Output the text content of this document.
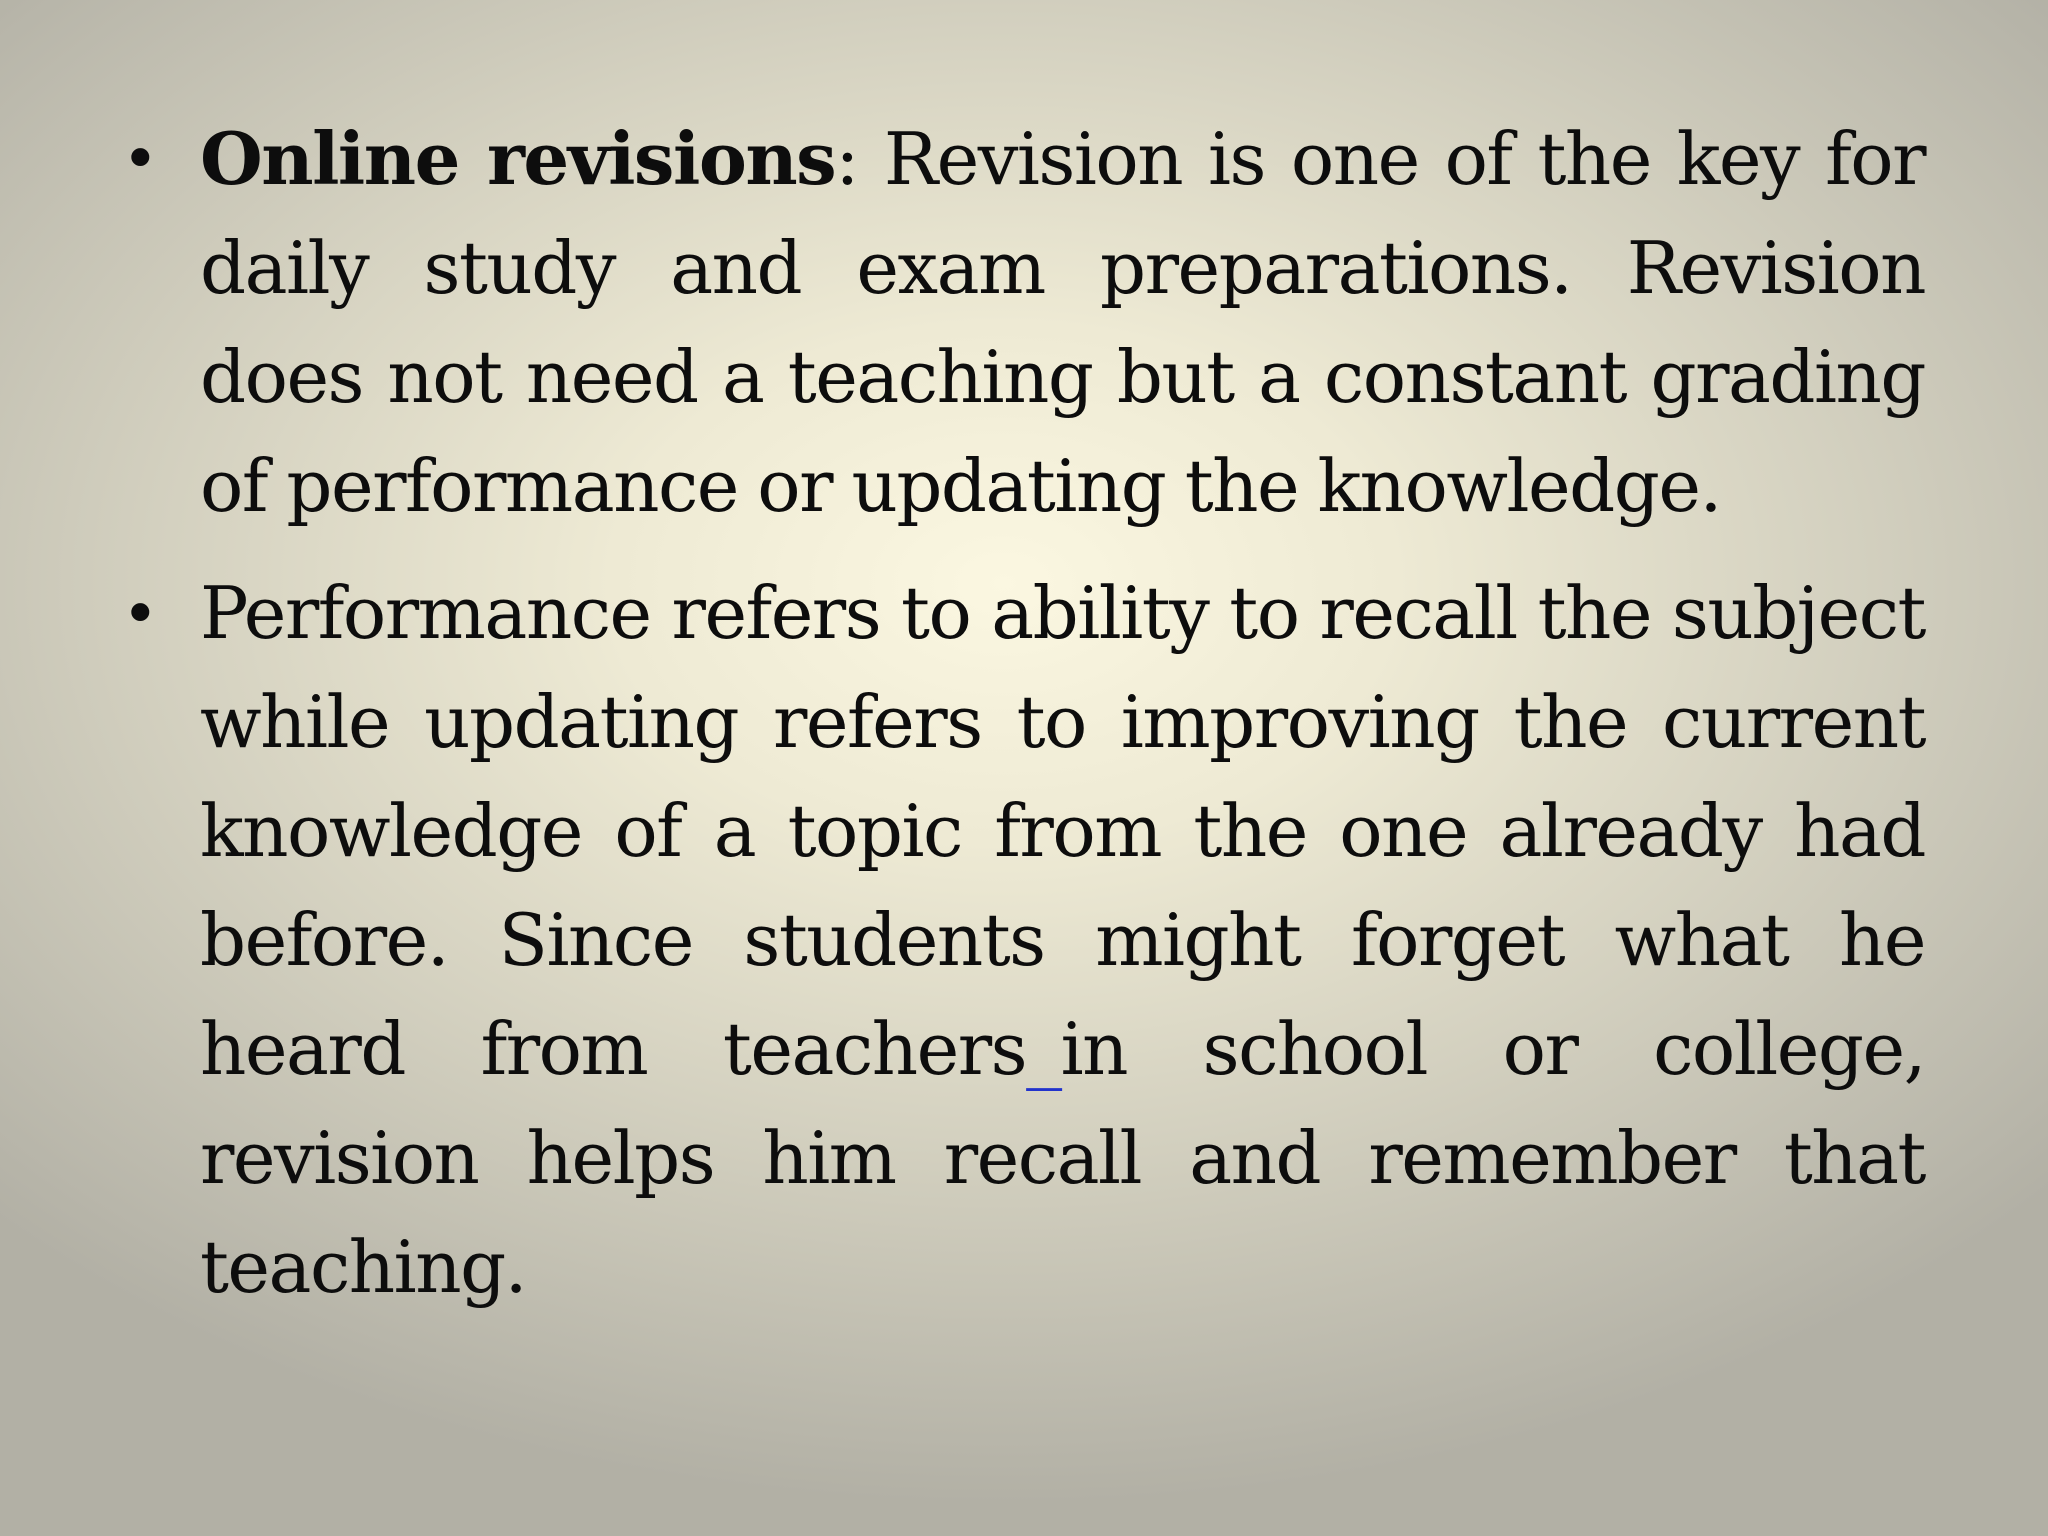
• Online revisions: Revision is one of the key for daily study and exam preparations. Revision does not need a teaching but a constant grading of performance or updating the knowledge.

• Performance refers to ability to recall the subject while updating refers to improving the current knowledge of a topic from the one already had before. Since students might forget what he heard from teachers_in school or college, revision helps him recall and remember that teaching.
